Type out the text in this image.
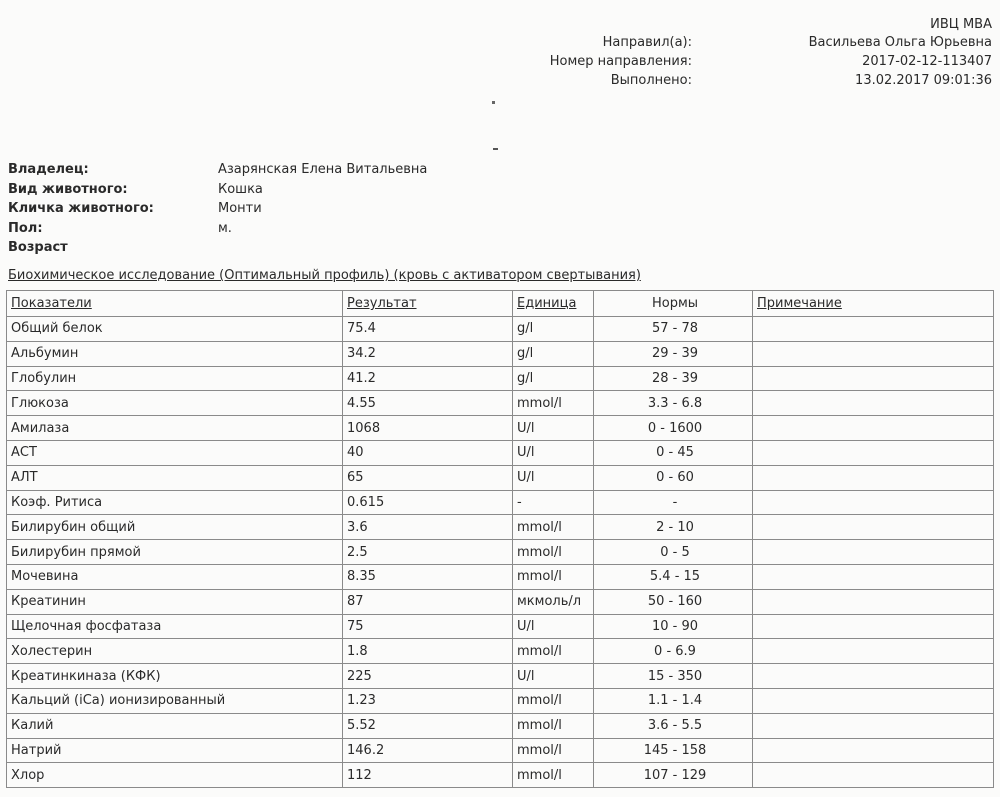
ИВЦ МВА
Направил(а):	Васильева Ольга Юрьевна
Номер направления:	2017-02-12-113407
Выполнено:	13.02.2017 09:01:36
Владелец:	Азарянская Елена Витальевна
Вид животного:	Кошка
Кличка животного:	Монти
Пол:	м.
Возраст
Биохимическое исследование (Оптимальный профиль) (кровь с активатором свертывания)
Показатели	Результат	Единица	Нормы	Примечание
Общий белок	75.4	g/l	57 - 78	
Альбумин	34.2	g/l	29 - 39	
Глобулин	41.2	g/l	28 - 39	
Глюкоза	4.55	mmol/l	3.3 - 6.8	
Амилаза	1068	U/l	0 - 1600	
АСТ	40	U/l	0 - 45	
АЛТ	65	U/l	0 - 60	
Коэф. Ритиса	0.615	-	-	
Билирубин общий	3.6	mmol/l	2 - 10	
Билирубин прямой	2.5	mmol/l	0 - 5	
Мочевина	8.35	mmol/l	5.4 - 15	
Креатинин	87	мкмоль/л	50 - 160	
Щелочная фосфатаза	75	U/l	10 - 90	
Холестерин	1.8	mmol/l	0 - 6.9	
Креатинкиназа (КФК)	225	U/l	15 - 350	
Кальций (iCa) ионизированный	1.23	mmol/l	1.1 - 1.4	
Калий	5.52	mmol/l	3.6 - 5.5	
Натрий	146.2	mmol/l	145 - 158	
Хлор	112	mmol/l	107 - 129	
